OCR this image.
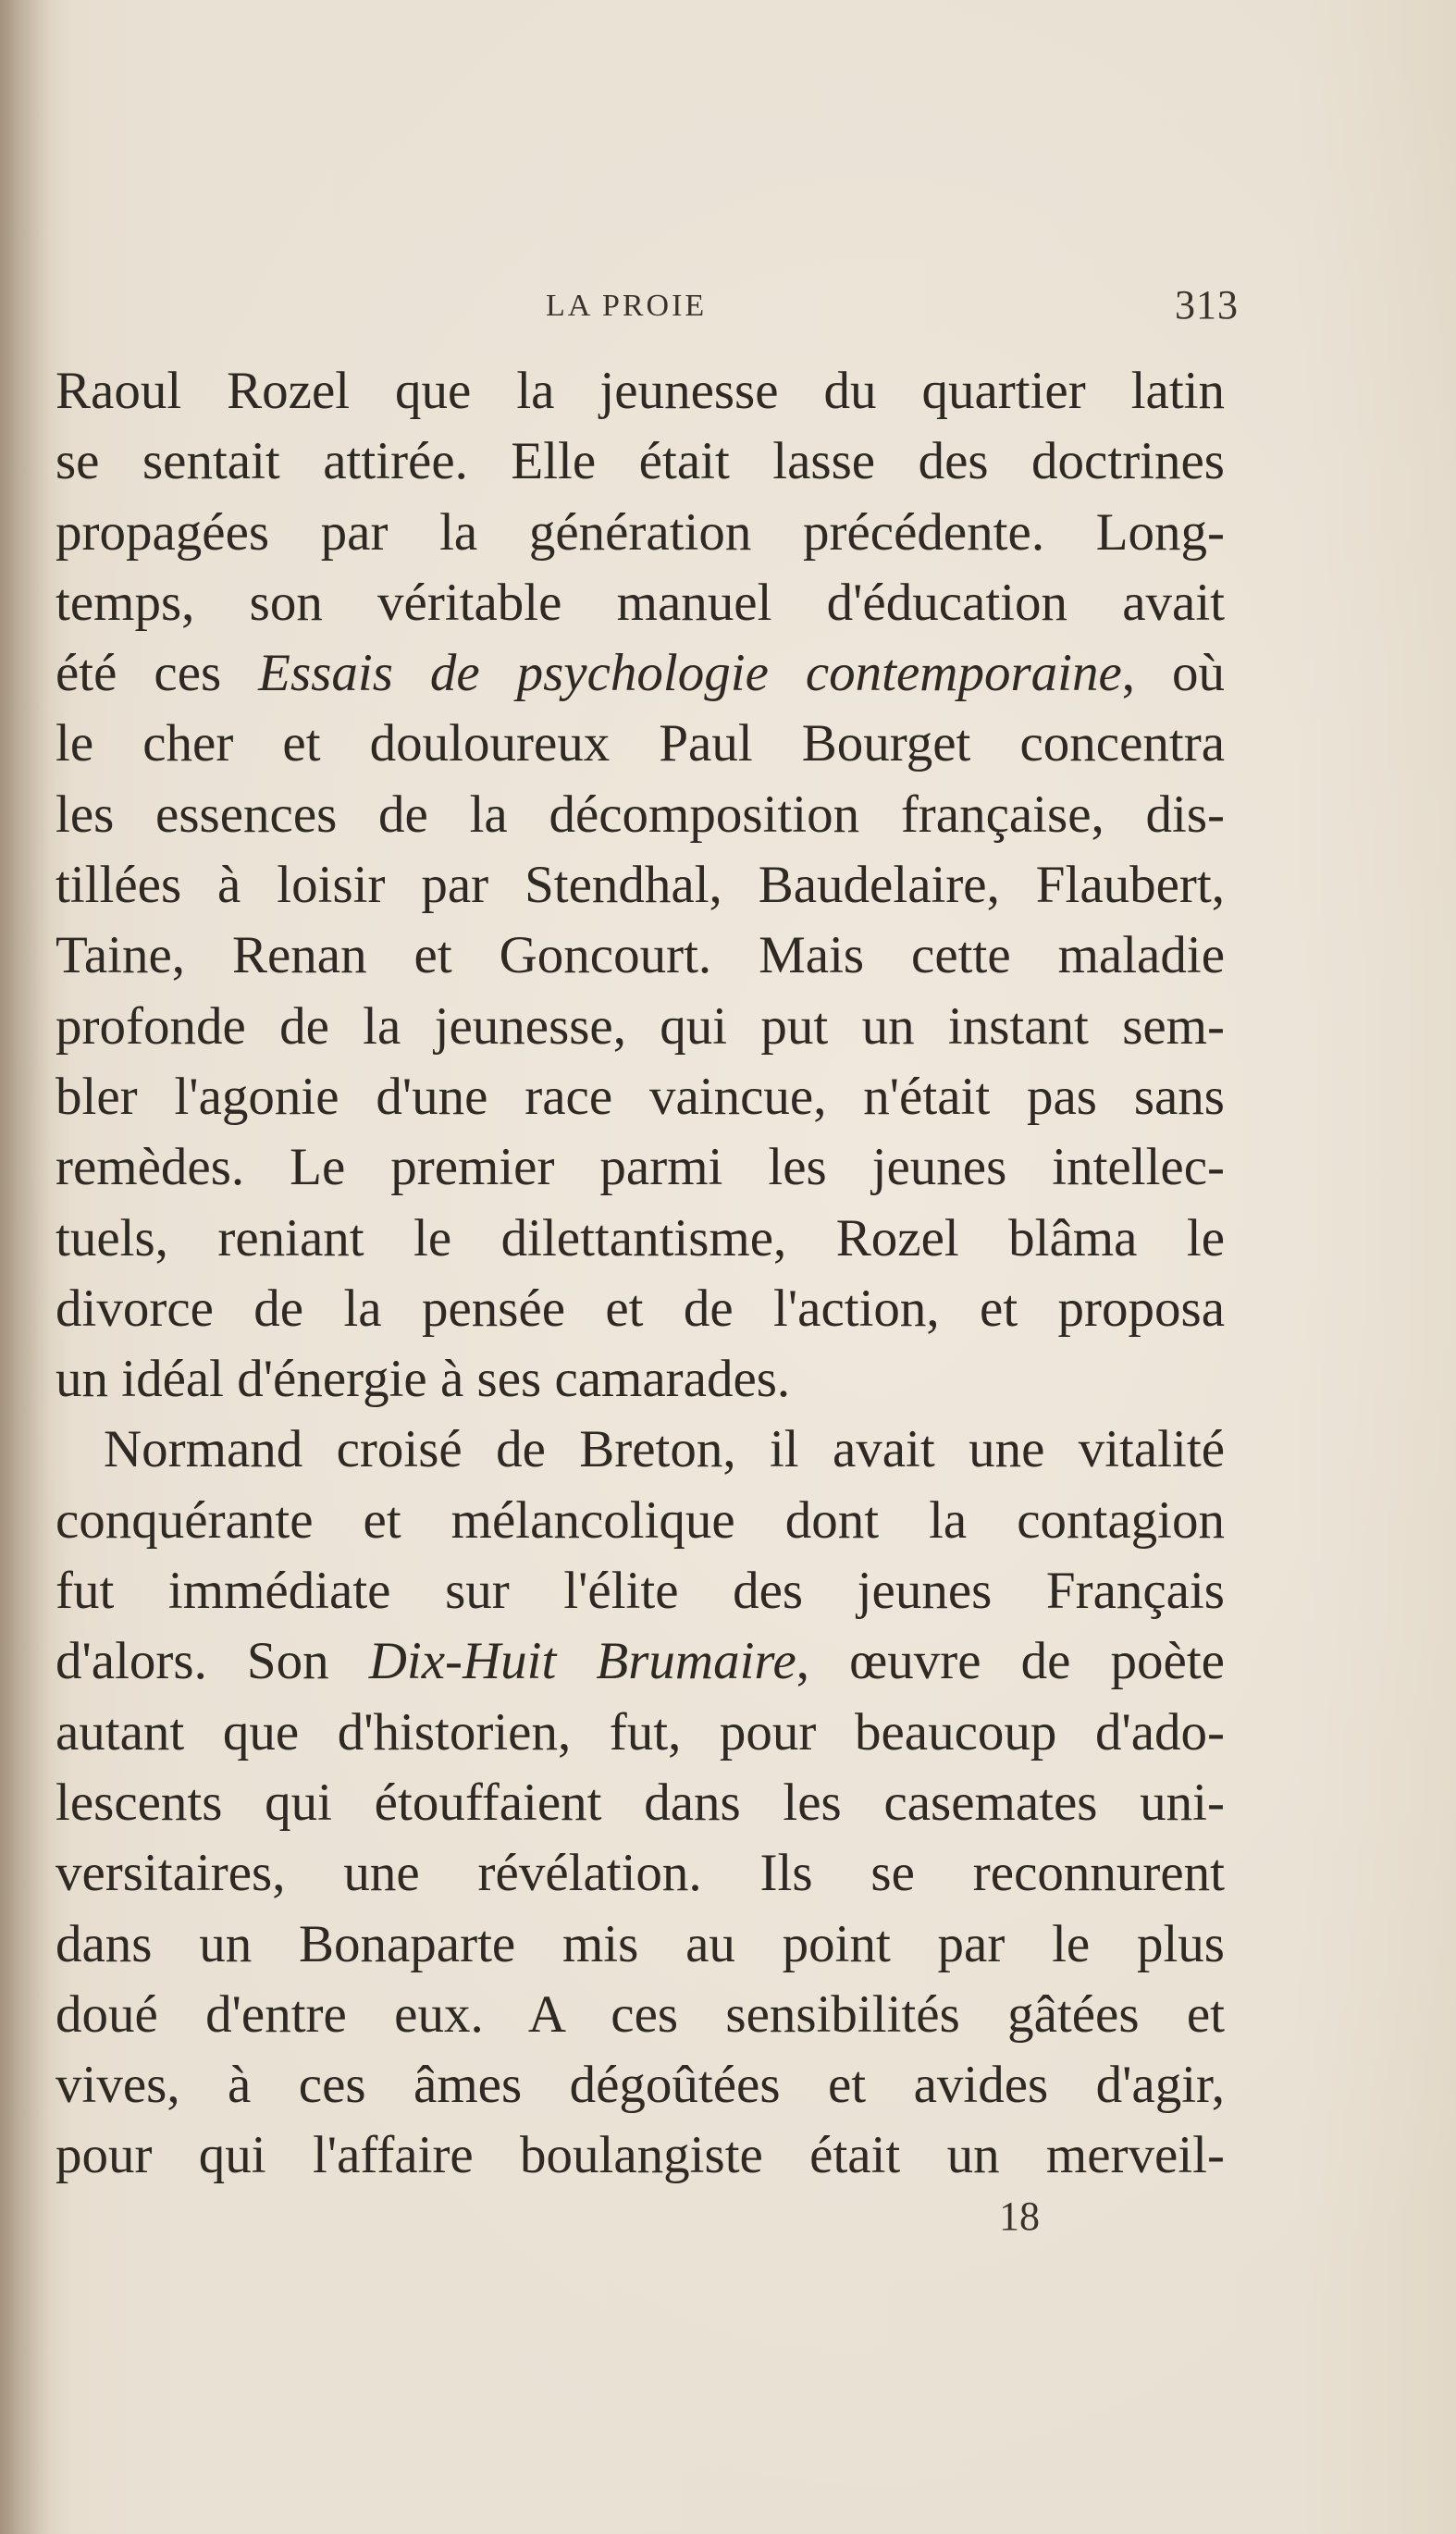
LA PROIE	313
Raoul Rozel que la jeunesse du quartier latin
se sentait attirée. Elle était lasse des doctrines
propagées par la génération précédente. Long-
temps, son véritable manuel d'éducation avait
été ces Essais de psychologie contemporaine, où
le cher et douloureux Paul Bourget concentra
les essences de la décomposition française, dis-
tillées à loisir par Stendhal, Baudelaire, Flaubert,
Taine, Renan et Goncourt. Mais cette maladie
profonde de la jeunesse, qui put un instant sem-
bler l'agonie d'une race vaincue, n'était pas sans
remèdes. Le premier parmi les jeunes intellec-
tuels, reniant le dilettantisme, Rozel blâma le
divorce de la pensée et de l'action, et proposa
un idéal d'énergie à ses camarades.
Normand croisé de Breton, il avait une vitalité
conquérante et mélancolique dont la contagion
fut immédiate sur l'élite des jeunes Français
d'alors. Son Dix-Huit Brumaire, œuvre de poète
autant que d'historien, fut, pour beaucoup d'ado-
lescents qui étouffaient dans les casemates uni-
versitaires, une révélation. Ils se reconnurent
dans un Bonaparte mis au point par le plus
doué d'entre eux. A ces sensibilités gâtées et
vives, à ces âmes dégoûtées et avides d'agir,
pour qui l'affaire boulangiste était un merveil-
18
